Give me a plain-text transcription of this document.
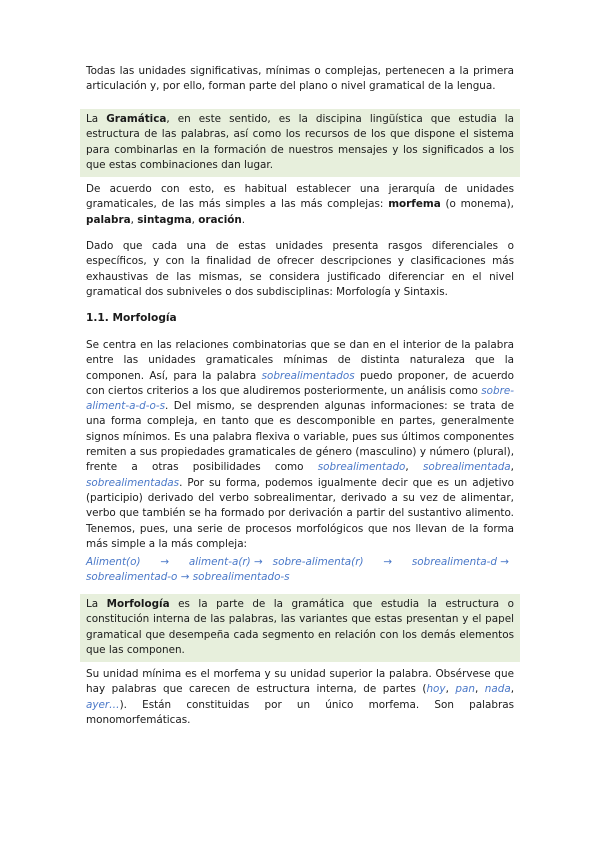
Todas las unidades significativas, mínimas o complejas, pertenecen a la primera articulación y, por ello, forman parte del plano o nivel gramatical de la lengua.

La Gramática, en este sentido, es la discipina lingüística que estudia la estructura de las palabras, así como los recursos de los que dispone el sistema para combinarlas en la formación de nuestros mensajes y los significados a los que estas combinaciones dan lugar.

De acuerdo con esto, es habitual establecer una jerarquía de unidades gramaticales, de las más simples a las más complejas: morfema (o monema), palabra, sintagma, oración.

Dado que cada una de estas unidades presenta rasgos diferenciales o específicos, y con la finalidad de ofrecer descripciones y clasificaciones más exhaustivas de las mismas, se considera justificado diferenciar en el nivel gramatical dos subniveles o dos subdisciplinas: Morfología y Sintaxis.

1.1. Morfología

Se centra en las relaciones combinatorias que se dan en el interior de la palabra entre las unidades gramaticales mínimas de distinta naturaleza que la componen. Así, para la palabra sobrealimentados puedo proponer, de acuerdo con ciertos criterios a los que aludiremos posteriormente, un análisis como sobre-aliment-a-d-o-s. Del mismo, se desprenden algunas informaciones: se trata de una forma compleja, en tanto que es descomponible en partes, generalmente signos mínimos. Es una palabra flexiva o variable, pues sus últimos componentes remiten a sus propiedades gramaticales de género (masculino) y número (plural), frente a otras posibilidades como sobrealimentado, sobrealimentada, sobrealimentadas. Por su forma, podemos igualmente decir que es un adjetivo (participio) derivado del verbo sobrealimentar, derivado a su vez de alimentar, verbo que también se ha formado por derivación a partir del sustantivo alimento. Tenemos, pues, una serie de procesos morfológicos que nos llevan de la forma más simple a la más compleja:

Aliment(o) → aliment-a(r) → sobre-alimenta(r) → sobrealimenta-d →
sobrealimentad-o → sobrealimentado-s

La Morfología es la parte de la gramática que estudia la estructura o constitución interna de las palabras, las variantes que estas presentan y el papel gramatical que desempeña cada segmento en relación con los demás elementos que las componen.

Su unidad mínima es el morfema y su unidad superior la palabra. Obsérvese que hay palabras que carecen de estructura interna, de partes (hoy, pan, nada, ayer…). Están constituidas por un único morfema. Son palabras monomorfemáticas.
